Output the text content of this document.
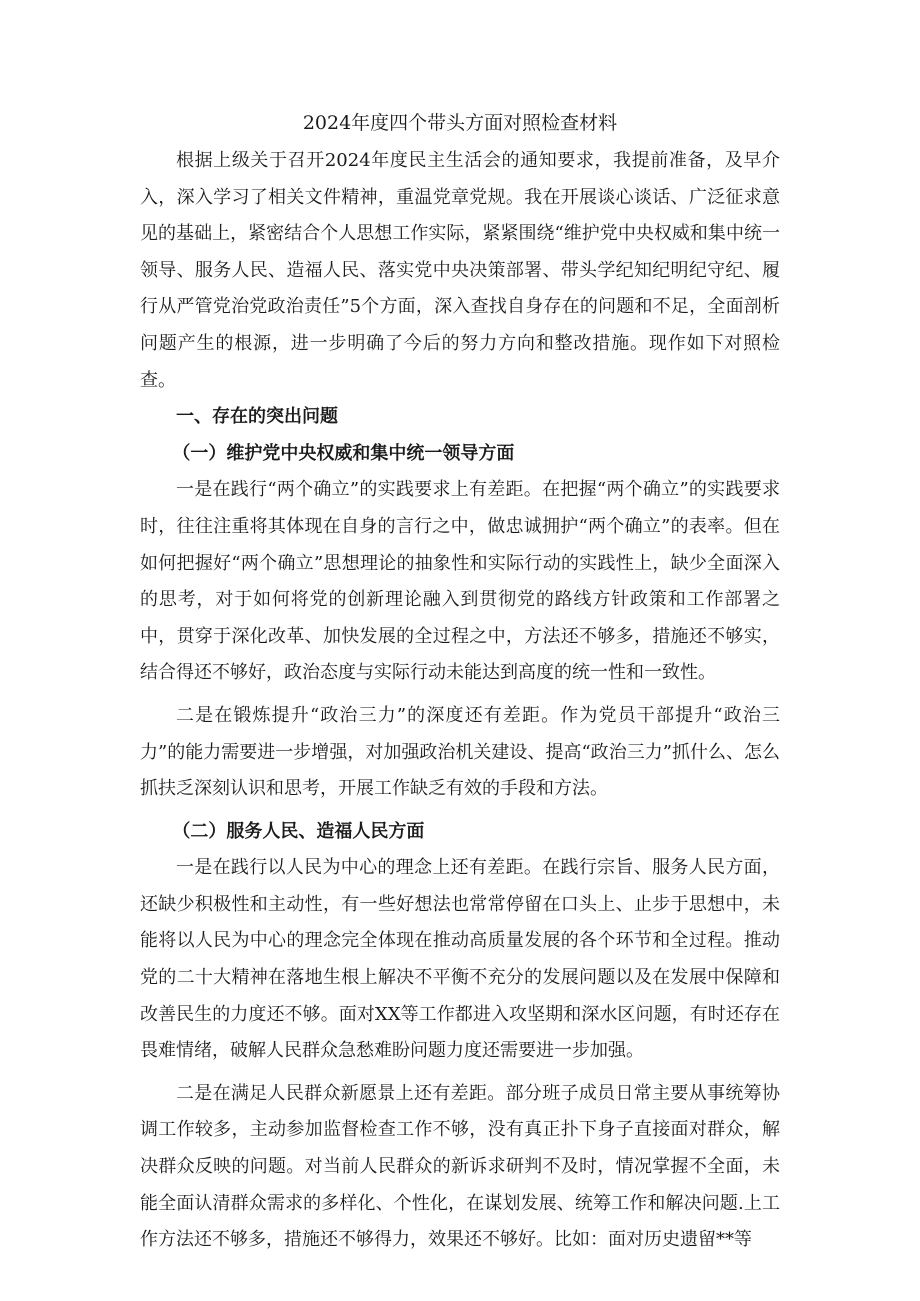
2024年度四个带头方面对照检查材料

根据上级关于召开2024年度民主生活会的通知要求，我提前准备，及早介入，深入学习了相关文件精神，重温党章党规。我在开展谈心谈话、广泛征求意见的基础上，紧密结合个人思想工作实际，紧紧围绕“维护党中央权威和集中统一领导、服务人民、造福人民、落实党中央决策部署、带头学纪知纪明纪守纪、履行从严管党治党政治责任”5个方面，深入查找自身存在的问题和不足，全面剖析问题产生的根源，进一步明确了今后的努力方向和整改措施。现作如下对照检查。

一、存在的突出问题

（一）维护党中央权威和集中统一领导方面

一是在践行“两个确立”的实践要求上有差距。在把握“两个确立”的实践要求时，往往注重将其体现在自身的言行之中，做忠诚拥护“两个确立”的表率。但在如何把握好“两个确立”思想理论的抽象性和实际行动的实践性上，缺少全面深入的思考，对于如何将党的创新理论融入到贯彻党的路线方针政策和工作部署之中，贯穿于深化改革、加快发展的全过程之中，方法还不够多，措施还不够实，结合得还不够好，政治态度与实际行动未能达到高度的统一性和一致性。

二是在锻炼提升“政治三力”的深度还有差距。作为党员干部提升“政治三力”的能力需要进一步增强，对加强政治机关建设、提高“政治三力”抓什么、怎么抓扶乏深刻认识和思考，开展工作缺乏有效的手段和方法。

（二）服务人民、造福人民方面

一是在践行以人民为中心的理念上还有差距。在践行宗旨、服务人民方面，还缺少积极性和主动性，有一些好想法也常常停留在口头上、止步于思想中，未能将以人民为中心的理念完全体现在推动高质量发展的各个环节和全过程。推动党的二十大精神在落地生根上解决不平衡不充分的发展问题以及在发展中保障和改善民生的力度还不够。面对XX等工作都进入攻坚期和深水区问题，有时还存在畏难情绪，破解人民群众急愁难盼问题力度还需要进一步加强。

二是在满足人民群众新愿景上还有差距。部分班子成员日常主要从事统筹协调工作较多，主动参加监督检查工作不够，没有真正扑下身子直接面对群众，解决群众反映的问题。对当前人民群众的新诉求研判不及时，情况掌握不全面，未能全面认清群众需求的多样化、个性化，在谋划发展、统筹工作和解决问题.上工作方法还不够多，措施还不够得力，效果还不够好。比如：面对历史遗留**等
